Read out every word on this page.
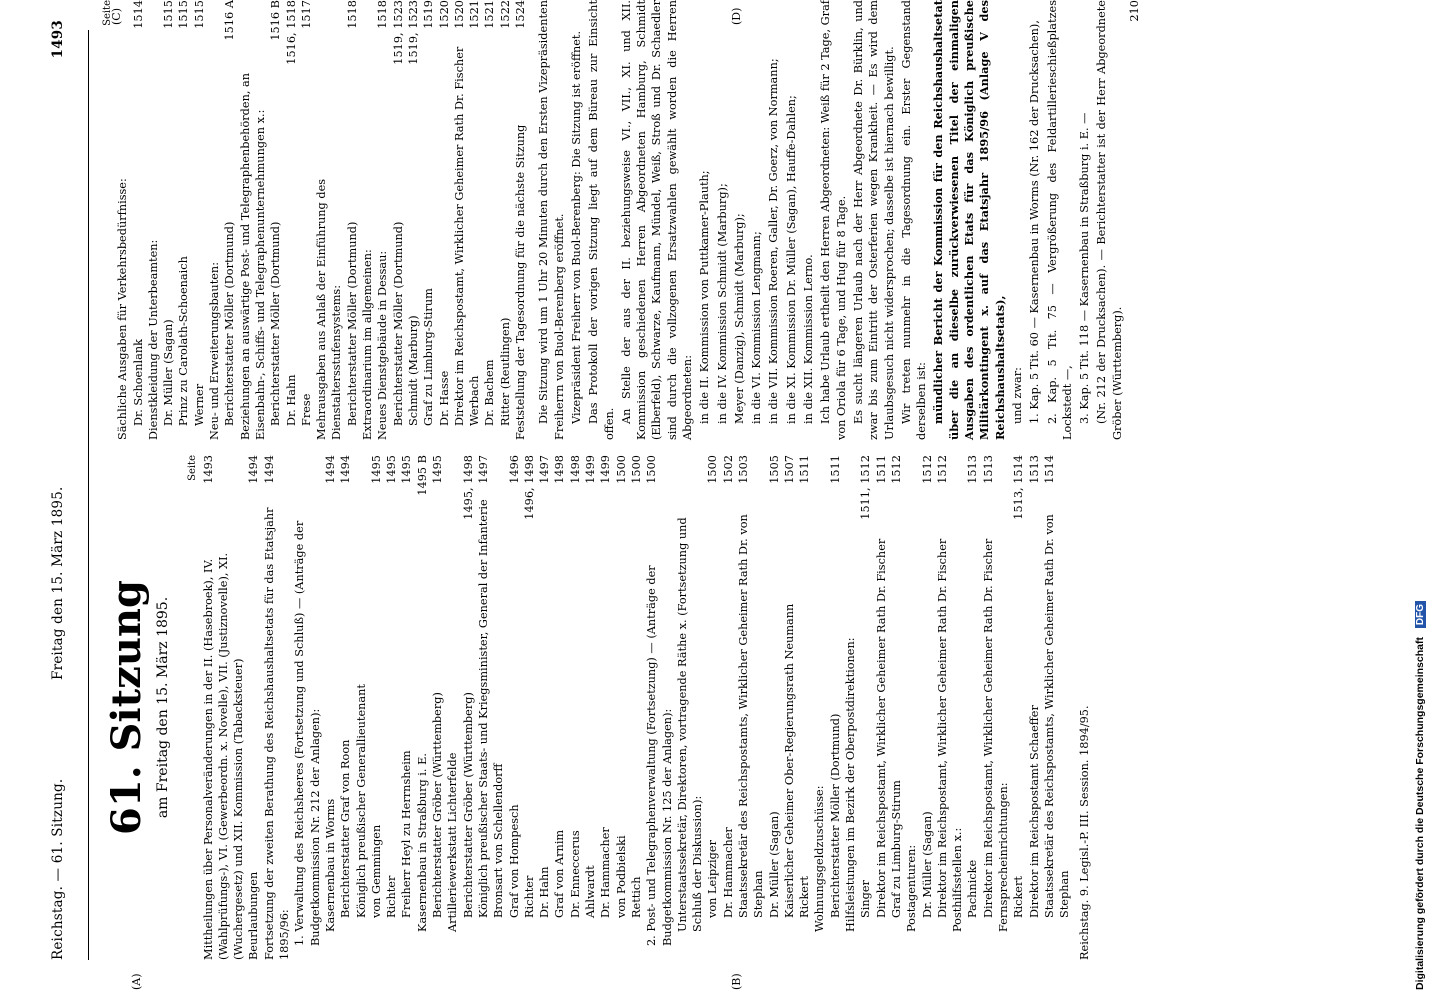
Reichstag. — 61. Sitzung.
Freitag den 15. März 1895.
1493
(A)	(B)
(C)	(D)
61. Sitzung am Freitag den 15. März 1895.
Seite
Mittheilungen über Personalveränderungen in der II. (Hasebroek), IV. (Wahlprüfungs-), VI. (Gewerbeordn. x. Novelle), VII. (Justiznovelle), XI. (Wuchergesetz) und XII. Kommission (Tabacksteuer)
1493
Beurlaubungen
1494
Fortsetzung der zweiten Berathung des Reichshaushaltsetats für das Etatsjahr 1895/96:
1494
1. Verwaltung des Reichsheeres (Fortsetzung und Schluß) — (Anträge der Budgetkommission Nr. 212 der Anlagen): Kasernenbau in Worms
1494
Berichterstatter Graf von Roon
1494
Königlich preußischer Generallieutenant von Gemmingen
1495
Richter
1495
Freiherr Heyl zu Herrnsheim
1495
Kasernenbau in Straßburg i. E.
1495 B
Berichterstatter Gröber (Württemberg)
1495
Artilleriewerkstatt Lichterfelde Berichterstatter Gröber (Württemberg)
1495, 1498
Königlich preußischer Staats- und Kriegsminister, General der Infanterie Bronsart von Schellendorff
1497
Graf von Hompesch
1496
Richter
1496, 1498
Dr. Hahn
1497
Graf von Arnim
1498
Dr. Enneccerus
1498
Ahlwardt
1499
Dr. Hammacher
1499
von Podbielski
1500
Rettich
1500
2. Post- und Telegraphenverwaltung (Fortsetzung) — (Anträge der Budgetkommission Nr. 125 der Anlagen):
1500
Unterstaatssekretär, Direktoren, vortragende Räthe x. (Fortsetzung und Schluß der Diskussion): von Leipziger
1500
Dr. Hammacher
1502
Staatssekretär des Reichspostamts, Wirklicher Geheimer Rath Dr. von Stephan
1503
Dr. Müller (Sagan)
1505
Kaiserlicher Geheimer Ober-Regierungsrath Neumann
1507
Rickert
1511
Wohnungsgeldzuschüsse: Berichterstatter Möller (Dortmund)
1511
Hilfsleistungen im Bezirk der Oberpostdirektionen: Singer
1511, 1512
Direktor im Reichspostamt, Wirklicher Geheimer Rath Dr. Fischer
1511
Graf zu Limburg-Stirum
1512
Postagenturen: Dr. Müller (Sagan)
1512
Direktor im Reichspostamt, Wirklicher Geheimer Rath Dr. Fischer
1512
Posthilfsstellen x.: Pachnicke
1513
Direktor im Reichspostamt, Wirklicher Geheimer Rath Dr. Fischer
1513
Fernsprecheinrichtungen: Rickert
1513, 1514
Direktor im Reichspostamt Schaeffer
1513
Staatssekretär des Reichspostamts, Wirklicher Geheimer Rath Dr. von Stephan
1514
Reichstag. 9. Legisl.-P. III. Session. 1894/95.
Seite
Sächliche Ausgaben für Verkehrsbedürfnisse: Dr. Schoenlank
1514
Dienstkleidung der Unterbeamten: Dr. Müller (Sagan)
1515
Prinz zu Carolath-Schoenaich
1515
Werner
1515
Neu- und Erweiterungsbauten: Berichterstatter Möller (Dortmund)
1516 A
Beziehungen an auswärtige Post- und Telegraphenbehörden, an Eisenbahn-, Schiffs- und Telegraphenunternehmungen x.: Berichterstatter Möller (Dortmund)
1516 B
Dr. Hahn
1516, 1518
Frese
1517
Mehrausgaben aus Anlaß der Einführung des Dienstaltersstufensystems: Berichterstatter Möller (Dortmund)
1518
Extraordinarium im allgemeinen: Neues Dienstgebäude in Dessau:
1518
Berichterstatter Möller (Dortmund)
1519, 1523
Schmidt (Marburg)
1519, 1523
Graf zu Limburg-Stirum
1519
Dr. Hasse
1520
Direktor im Reichspostamt, Wirklicher Geheimer Rath Dr. Fischer
1520
Werbach
1521
Dr. Bachem
1521
Ritter (Reutlingen)
1522
Feststellung der Tagesordnung für die nächste Sitzung
1524 Die Sitzung wird um 1 Uhr 20 Minuten durch den Ersten Vizepräsidenten Freiherrn von Buol-Berenberg eröffnet. Vizepräsident Freiherr von Buol-Berenberg: Die Sitzung ist eröffnet. Das Protokoll der vorigen Sitzung liegt auf dem Büreau zur Einsicht offen. An Stelle der aus der II. beziehungsweise VI., VII., XI. und XII. Kommission geschiedenen Herren Abgeordneten Hamburg, Schmidt (Elberfeld), Schwarze, Kaufmann, Mündel, Weiß, Stroß und Dr. Schaedler sind durch die vollzogenen Ersatzwahlen gewählt worden die Herren Abgeordneten: in die II. Kommission von Puttkamer-Plauth; in die IV. Kommission Schmidt (Marburg); Meyer (Danzig), Schmidt (Marburg); in die VI. Kommission Lengmann; in die VII. Kommission Roeren, Galler, Dr. Goerz, von Normann; in die XI. Kommission Dr. Müller (Sagan), Hauffe-Dahlen; in die XII. Kommission Lerno. Ich habe Urlaub ertheilt den Herren Abgeordneten: Weiß für 2 Tage, Graf von Oriola für 6 Tage, und Hug für 8 Tage. Es sucht längeren Urlaub nach der Herr Abgeordnete Dr. Bürklin, und zwar bis zum Eintritt der Osterferien wegen Krankheit. — Es wird dem Urlaubsgesuch nicht widersprochen; dasselbe ist hiernach bewilligt. Wir treten nunmehr in die Tagesordnung ein. Erster Gegenstand derselben ist: mündlicher Bericht der Kommission für den Reichshaushaltsetat über die an dieselbe zurückverwiesenen Titel der einmaligen Ausgaben des ordentlichen Etats für das Königlich preußische Militärkontingent x. auf das Etatsjahr 1895/96 (Anlage V des Reichshaushaltsetats), und zwar: 1. Kap. 5 Tit. 60 — Kasernenbau in Worms (Nr. 162 der Drucksachen), 2. Kap. 5 Tit. 75 — Vergrößerung des Feldartillerieschießplatzes Lockstedt —, 3. Kap. 5 Tit. 118 — Kasernenbau in Straßburg i. E. — (Nr. 212 der Drucksachen). — Berichterstatter ist der Herr Abgeordnete Gröber (Württemberg).
210
Digitalisierung gefördert durch die Deutsche Forschungsgemeinschaft DFG
